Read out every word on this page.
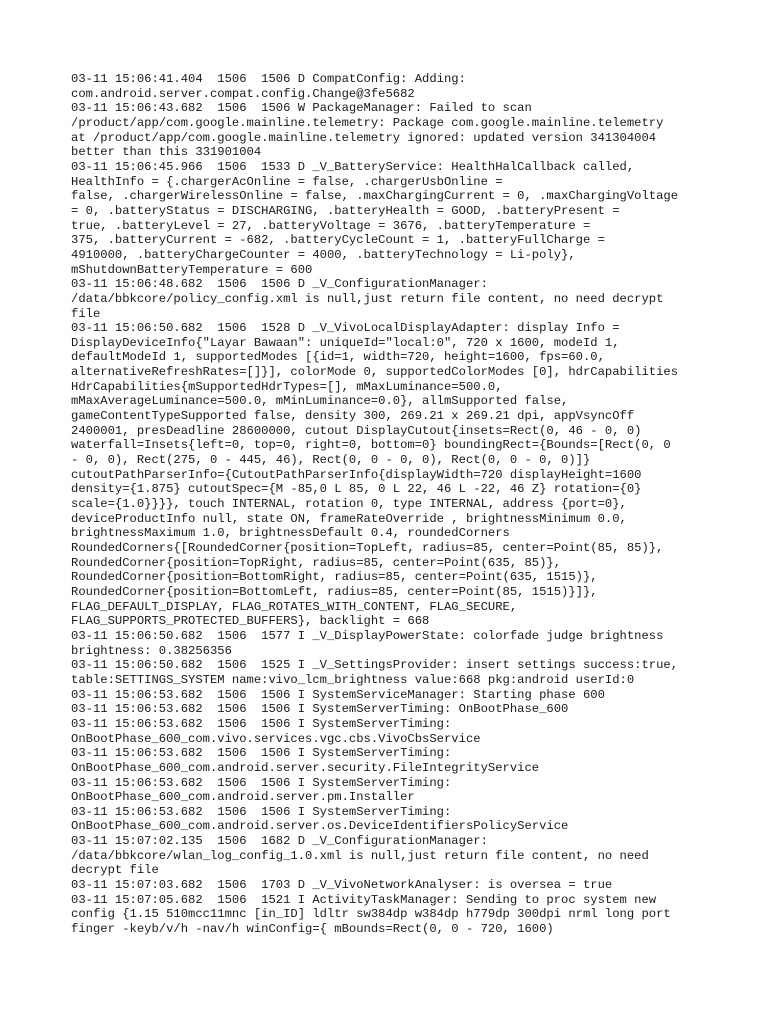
03-11 15:06:41.404  1506  1506 D CompatConfig: Adding:
com.android.server.compat.config.Change@3fe5682
03-11 15:06:43.682  1506  1506 W PackageManager: Failed to scan
/product/app/com.google.mainline.telemetry: Package com.google.mainline.telemetry
at /product/app/com.google.mainline.telemetry ignored: updated version 341304004
better than this 331901004
03-11 15:06:45.966  1506  1533 D _V_BatteryService: HealthHalCallback called,
HealthInfo = {.chargerAcOnline = false, .chargerUsbOnline =
false, .chargerWirelessOnline = false, .maxChargingCurrent = 0, .maxChargingVoltage
= 0, .batteryStatus = DISCHARGING, .batteryHealth = GOOD, .batteryPresent =
true, .batteryLevel = 27, .batteryVoltage = 3676, .batteryTemperature =
375, .batteryCurrent = -682, .batteryCycleCount = 1, .batteryFullCharge =
4910000, .batteryChargeCounter = 4000, .batteryTechnology = Li-poly},
mShutdownBatteryTemperature = 600
03-11 15:06:48.682  1506  1506 D _V_ConfigurationManager:
/data/bbkcore/policy_config.xml is null,just return file content, no need decrypt
file
03-11 15:06:50.682  1506  1528 D _V_VivoLocalDisplayAdapter: display Info =
DisplayDeviceInfo{"Layar Bawaan": uniqueId="local:0", 720 x 1600, modeId 1,
defaultModeId 1, supportedModes [{id=1, width=720, height=1600, fps=60.0,
alternativeRefreshRates=[]}], colorMode 0, supportedColorModes [0], hdrCapabilities
HdrCapabilities{mSupportedHdrTypes=[], mMaxLuminance=500.0,
mMaxAverageLuminance=500.0, mMinLuminance=0.0}, allmSupported false,
gameContentTypeSupported false, density 300, 269.21 x 269.21 dpi, appVsyncOff
2400001, presDeadline 28600000, cutout DisplayCutout{insets=Rect(0, 46 - 0, 0)
waterfall=Insets{left=0, top=0, right=0, bottom=0} boundingRect={Bounds=[Rect(0, 0
- 0, 0), Rect(275, 0 - 445, 46), Rect(0, 0 - 0, 0), Rect(0, 0 - 0, 0)]}
cutoutPathParserInfo={CutoutPathParserInfo{displayWidth=720 displayHeight=1600
density={1.875} cutoutSpec={M -85,0 L 85, 0 L 22, 46 L -22, 46 Z} rotation={0}
scale={1.0}}}}, touch INTERNAL, rotation 0, type INTERNAL, address {port=0},
deviceProductInfo null, state ON, frameRateOverride , brightnessMinimum 0.0,
brightnessMaximum 1.0, brightnessDefault 0.4, roundedCorners
RoundedCorners{[RoundedCorner{position=TopLeft, radius=85, center=Point(85, 85)},
RoundedCorner{position=TopRight, radius=85, center=Point(635, 85)},
RoundedCorner{position=BottomRight, radius=85, center=Point(635, 1515)},
RoundedCorner{position=BottomLeft, radius=85, center=Point(85, 1515)}]},
FLAG_DEFAULT_DISPLAY, FLAG_ROTATES_WITH_CONTENT, FLAG_SECURE,
FLAG_SUPPORTS_PROTECTED_BUFFERS}, backlight = 668
03-11 15:06:50.682  1506  1577 I _V_DisplayPowerState: colorfade judge brightness
brightness: 0.38256356
03-11 15:06:50.682  1506  1525 I _V_SettingsProvider: insert settings success:true,
table:SETTINGS_SYSTEM name:vivo_lcm_brightness value:668 pkg:android userId:0
03-11 15:06:53.682  1506  1506 I SystemServiceManager: Starting phase 600
03-11 15:06:53.682  1506  1506 I SystemServerTiming: OnBootPhase_600
03-11 15:06:53.682  1506  1506 I SystemServerTiming:
OnBootPhase_600_com.vivo.services.vgc.cbs.VivoCbsService
03-11 15:06:53.682  1506  1506 I SystemServerTiming:
OnBootPhase_600_com.android.server.security.FileIntegrityService
03-11 15:06:53.682  1506  1506 I SystemServerTiming:
OnBootPhase_600_com.android.server.pm.Installer
03-11 15:06:53.682  1506  1506 I SystemServerTiming:
OnBootPhase_600_com.android.server.os.DeviceIdentifiersPolicyService
03-11 15:07:02.135  1506  1682 D _V_ConfigurationManager:
/data/bbkcore/wlan_log_config_1.0.xml is null,just return file content, no need
decrypt file
03-11 15:07:03.682  1506  1703 D _V_VivoNetworkAnalyser: is oversea = true
03-11 15:07:05.682  1506  1521 I ActivityTaskManager: Sending to proc system new
config {1.15 510mcc11mnc [in_ID] ldltr sw384dp w384dp h779dp 300dpi nrml long port
finger -keyb/v/h -nav/h winConfig={ mBounds=Rect(0, 0 - 720, 1600)
